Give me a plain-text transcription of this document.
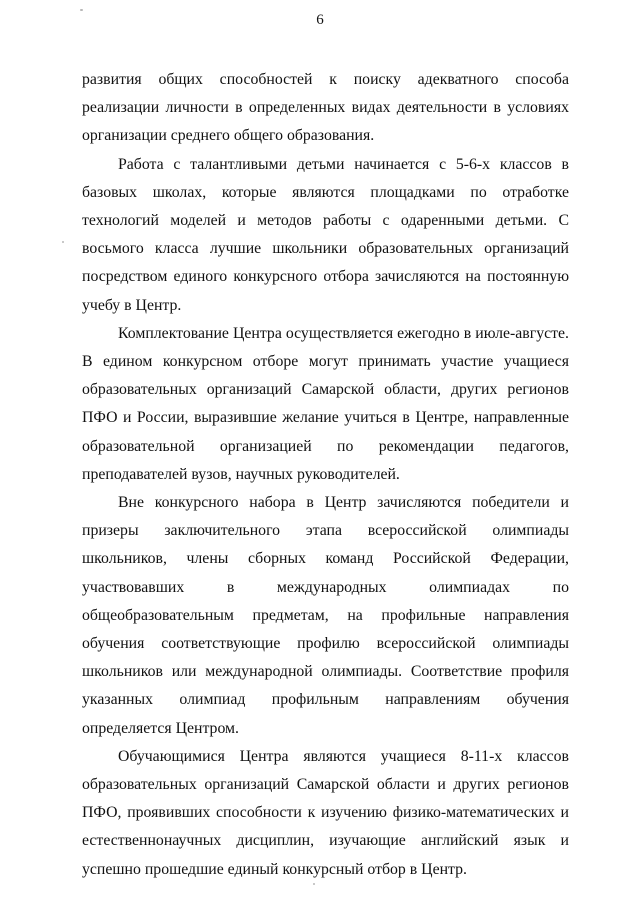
6

развития общих способностей к поиску адекватного способа реализации личности в определенных видах деятельности в условиях организации среднего общего образования.

Работа с талантливыми детьми начинается с 5-6-х классов в базовых школах, которые являются площадками по отработке технологий моделей и методов работы с одаренными детьми. С восьмого класса лучшие школьники образовательных организаций посредством единого конкурсного отбора зачисляются на постоянную учебу в Центр.

Комплектование Центра осуществляется ежегодно в июле-августе. В едином конкурсном отборе могут принимать участие учащиеся образовательных организаций Самарской области, других регионов ПФО и России, выразившие желание учиться в Центре, направленные образовательной организацией по рекомендации педагогов, преподавателей вузов, научных руководителей.

Вне конкурсного набора в Центр зачисляются победители и призеры заключительного этапа всероссийской олимпиады школьников, члены сборных команд Российской Федерации, участвовавших в международных олимпиадах по общеобразовательным предметам, на профильные направления обучения соответствующие профилю всероссийской олимпиады школьников или международной олимпиады. Соответствие профиля указанных олимпиад профильным направлениям обучения определяется Центром.

Обучающимися Центра являются учащиеся 8-11-х классов образовательных организаций Самарской области и других регионов ПФО, проявивших способности к изучению физико-математических и естественнонаучных дисциплин, изучающие английский язык и успешно прошедшие единый конкурсный отбор в Центр.
